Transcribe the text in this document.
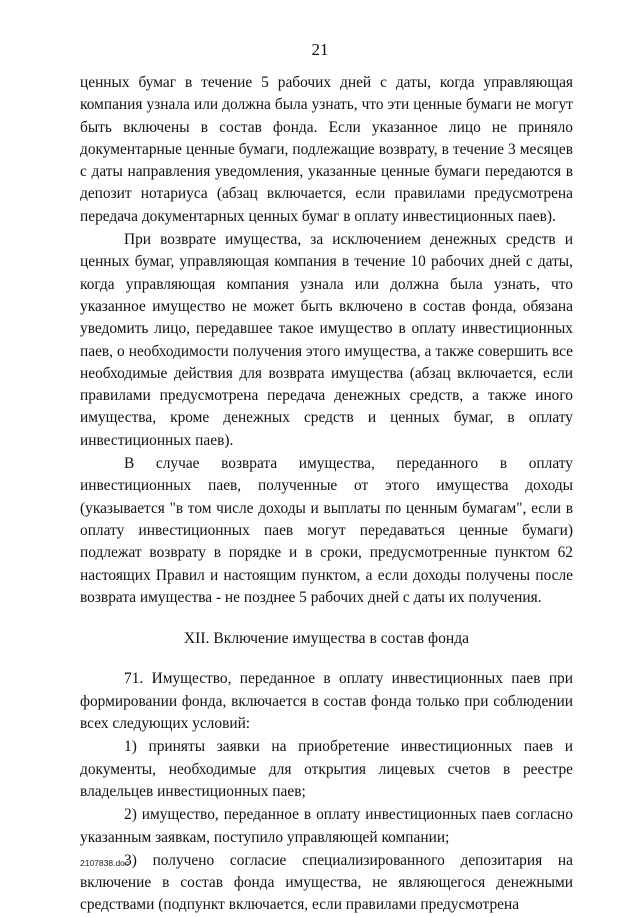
21

ценных бумаг в течение 5 рабочих дней с даты, когда управляющая компания узнала или должна была узнать, что эти ценные бумаги не могут быть включены в состав фонда. Если указанное лицо не приняло документарные ценные бумаги, подлежащие возврату, в течение 3 месяцев с даты направления уведомления, указанные ценные бумаги передаются в депозит нотариуса (абзац включается, если правилами предусмотрена передача документарных ценных бумаг в оплату инвестиционных паев).

При возврате имущества, за исключением денежных средств и ценных бумаг, управляющая компания в течение 10 рабочих дней с даты, когда управляющая компания узнала или должна была узнать, что указанное имущество не может быть включено в состав фонда, обязана уведомить лицо, передавшее такое имущество в оплату инвестиционных паев, о необходимости получения этого имущества, а также совершить все необходимые действия для возврата имущества (абзац включается, если правилами предусмотрена передача денежных средств, а также иного имущества, кроме денежных средств и ценных бумаг, в оплату инвестиционных паев).

В случае возврата имущества, переданного в оплату инвестиционных паев, полученные от этого имущества доходы (указывается "в том числе доходы и выплаты по ценным бумагам", если в оплату инвестиционных паев могут передаваться ценные бумаги) подлежат возврату в порядке и в сроки, предусмотренные пунктом 62 настоящих Правил и настоящим пунктом, а если доходы получены после возврата имущества - не позднее 5 рабочих дней с даты их получения.

XII. Включение имущества в состав фонда

71. Имущество, переданное в оплату инвестиционных паев при формировании фонда, включается в состав фонда только при соблюдении всех следующих условий:

1) приняты заявки на приобретение инвестиционных паев и документы, необходимые для открытия лицевых счетов в реестре владельцев инвестиционных паев;

2) имущество, переданное в оплату инвестиционных паев согласно указанным заявкам, поступило управляющей компании;

3) получено согласие специализированного депозитария на включение в состав фонда имущества, не являющегося денежными средствами (подпункт включается, если правилами предусмотрена

2107838.doc
